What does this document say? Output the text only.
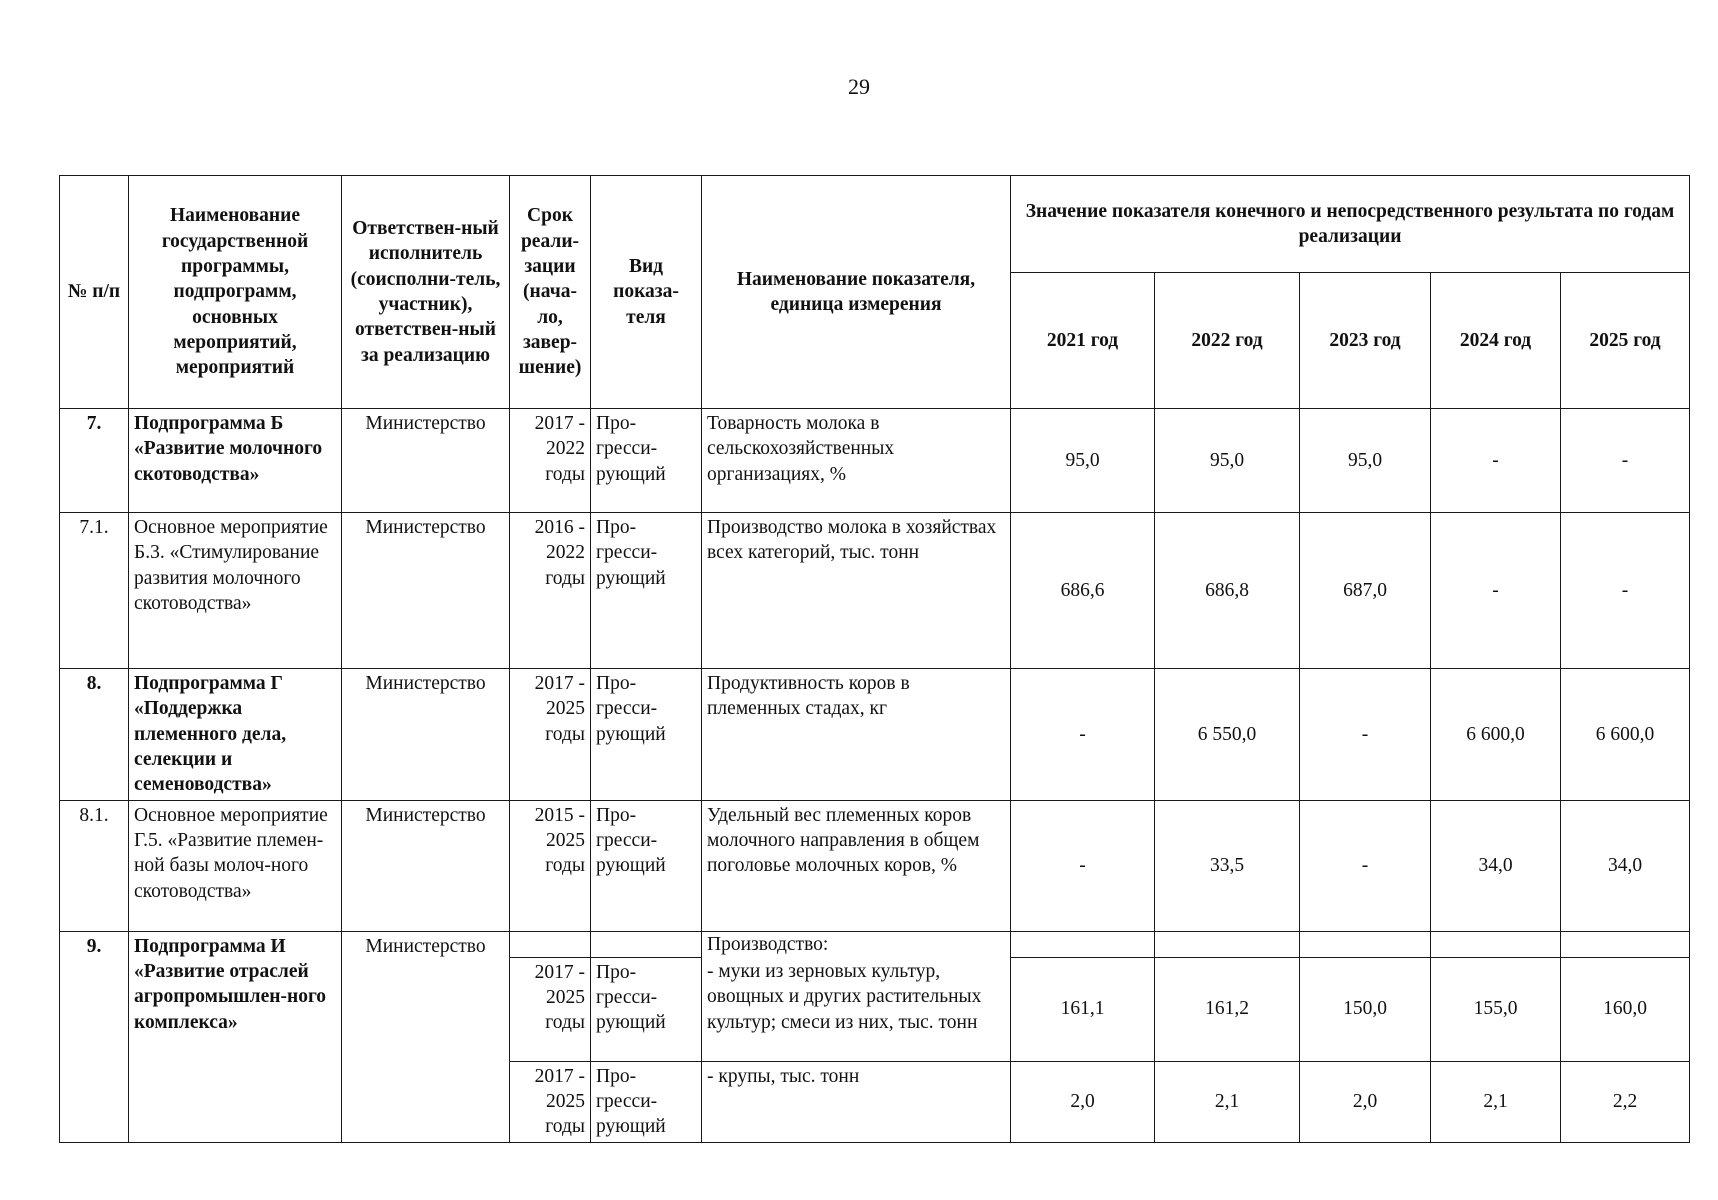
29
№ п/п	Наименование государственной программы, подпрограмм, основных мероприятий, мероприятий	Ответствен-ный исполнитель (соисполни-тель, участник), ответствен-ный за реализацию	Срок реали-зации (нача-ло, завер-шение)	Вид показа-теля	Наименование показателя, единица измерения	Значение показателя конечного и непосредственного результата по годам реализации				
						2021 год	2022 год	2023 год	2024 год	2025 год
7.	Подпрограмма Б «Развитие молочного скотоводства»	Министерство	2017 - 2022 годы	Про-гресси-рующий	Товарность молока в сельскохозяйственных организациях, %	95,0	95,0	95,0	-	-
7.1.	Основное мероприятие Б.3. «Стимулирование развития молочного скотоводства»	Министерство	2016 - 2022 годы	Про-гресси-рующий	Производство молока в хозяйствах всех категорий, тыс. тонн	686,6	686,8	687,0	-	-
8.	Подпрограмма Г «Поддержка племенного дела, селекции и семеноводства»	Министерство	2017 - 2025 годы	Про-гресси-рующий	Продуктивность коров в племенных стадах, кг	-	6 550,0	-	6 600,0	6 600,0
8.1.	Основное мероприятие Г.5. «Развитие племен-ной базы молоч-ного скотоводства»	Министерство	2015 - 2025 годы	Про-гресси-рующий	Удельный вес племенных коров молочного направления в общем поголовье молочных коров, %	-	33,5	-	34,0	34,0
9.	Подпрограмма И «Развитие отраслей агропромышлен-ного комплекса»	Министерство			Производство:					
			2017 - 2025 годы	Про-гресси-рующий	- муки из зерновых культур, овощных и других растительных культур; смеси из них, тыс. тонн	161,1	161,2	150,0	155,0	160,0
			2017 - 2025 годы	Про-гресси-рующий	- крупы, тыс. тонн	2,0	2,1	2,0	2,1	2,2
